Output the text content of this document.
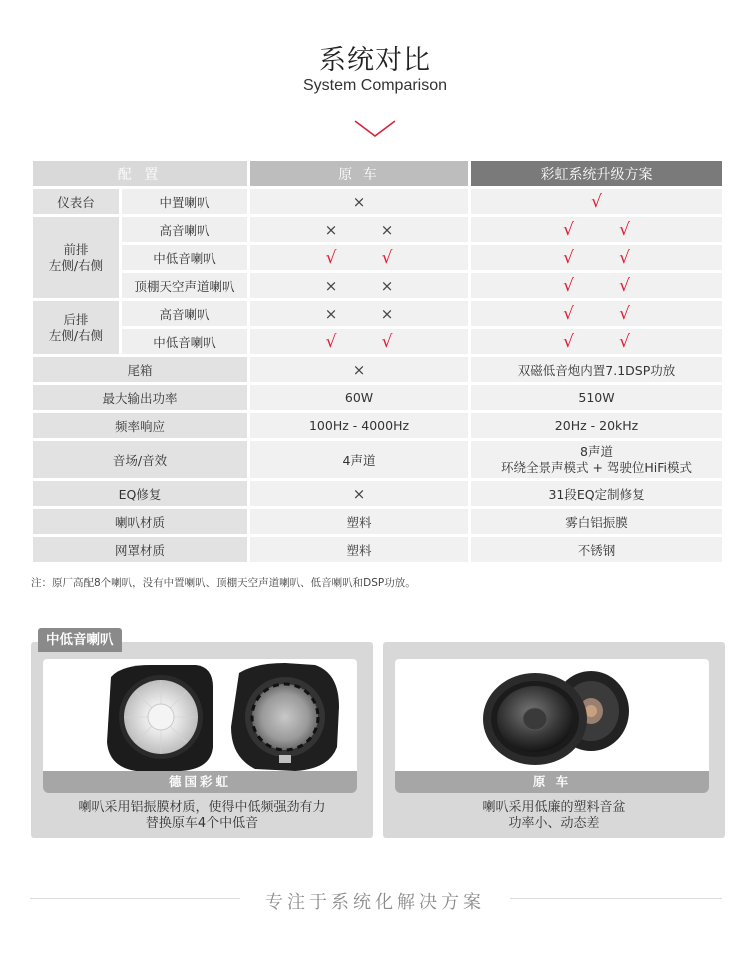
系统对比
System Comparison
配 置		原 车	彩虹系统升级方案
仪表台	中置喇叭	×	√
前排
左侧/右侧	高音喇叭	× ×	√ √

	中低音喇叭	√ √	√ √

	顶棚天空声道喇叭	× ×	√ √

后排
左侧/右侧	高音喇叭	× ×	√ √

	中低音喇叭	√ √	√ √

尾箱		×	双磁低音炮内置7.1DSP功放
最大输出功率		60W	510W
频率响应		100Hz - 4000Hz	20Hz - 20kHz
音场/音效		4声道	8声道
环绕全景声模式 + 驾驶位HiFi模式
EQ修复		×	31段EQ定制修复
喇叭材质		塑料	雾白铝振膜
网罩材质		塑料	不锈钢
注：原厂高配8个喇叭，没有中置喇叭、顶棚天空声道喇叭、低音喇叭和DSP功放。
中低音喇叭
德国彩虹
喇叭采用铝振膜材质，使得中低频强劲有力
替换原车4个中低音
原 车
喇叭采用低廉的塑料音盆
功率小、动态差
专注于系统化解决方案
